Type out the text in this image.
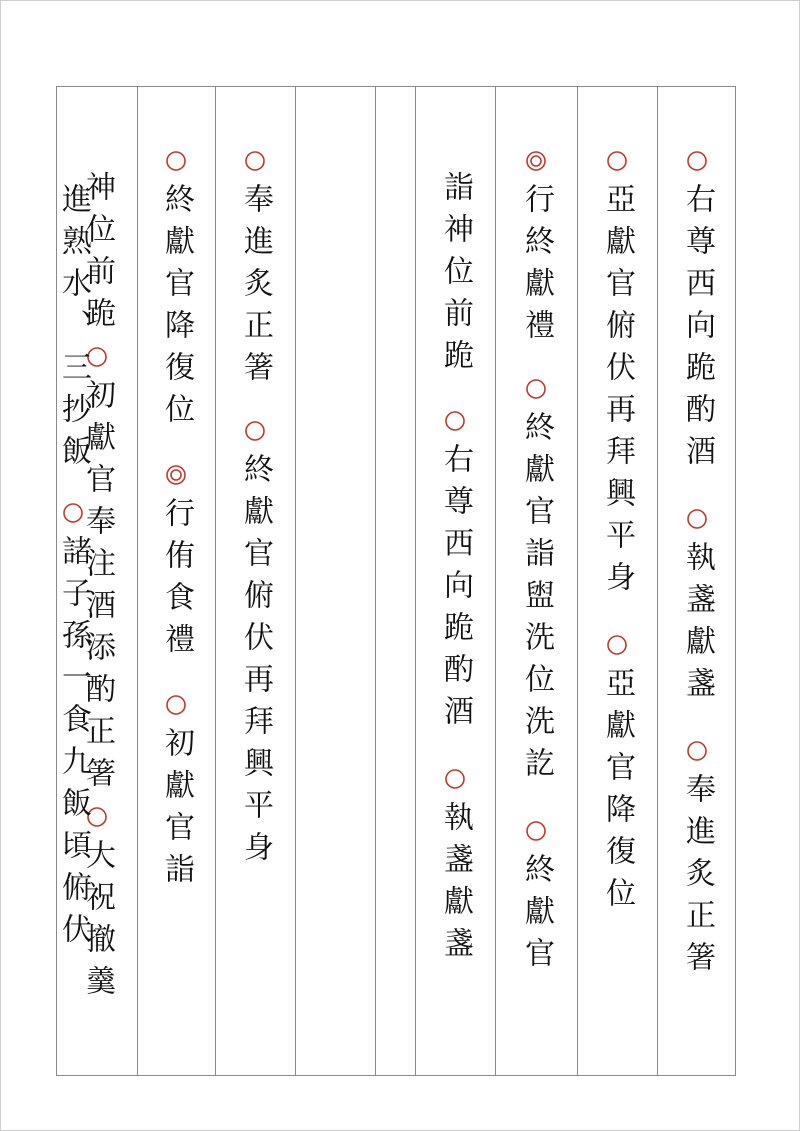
右尊西向跪酌酒
執盞獻盞
奉進炙正箸
亞獻官俯伏再拜興平身
亞獻官降復位
行終獻禮
終獻官詣盥洗位洗訖
終獻官
詣神位前跪
右尊西向跪酌酒
執盞獻盞
奉進炙正箸
終獻官俯伏再拜興平身
終獻官降復位
行侑食禮
初獻官詣
神位前跪
初獻官奉注酒添酌正箸
大祝撤羹
進熟水、三抄飯
諸子孫一食九飯頃俯伏
